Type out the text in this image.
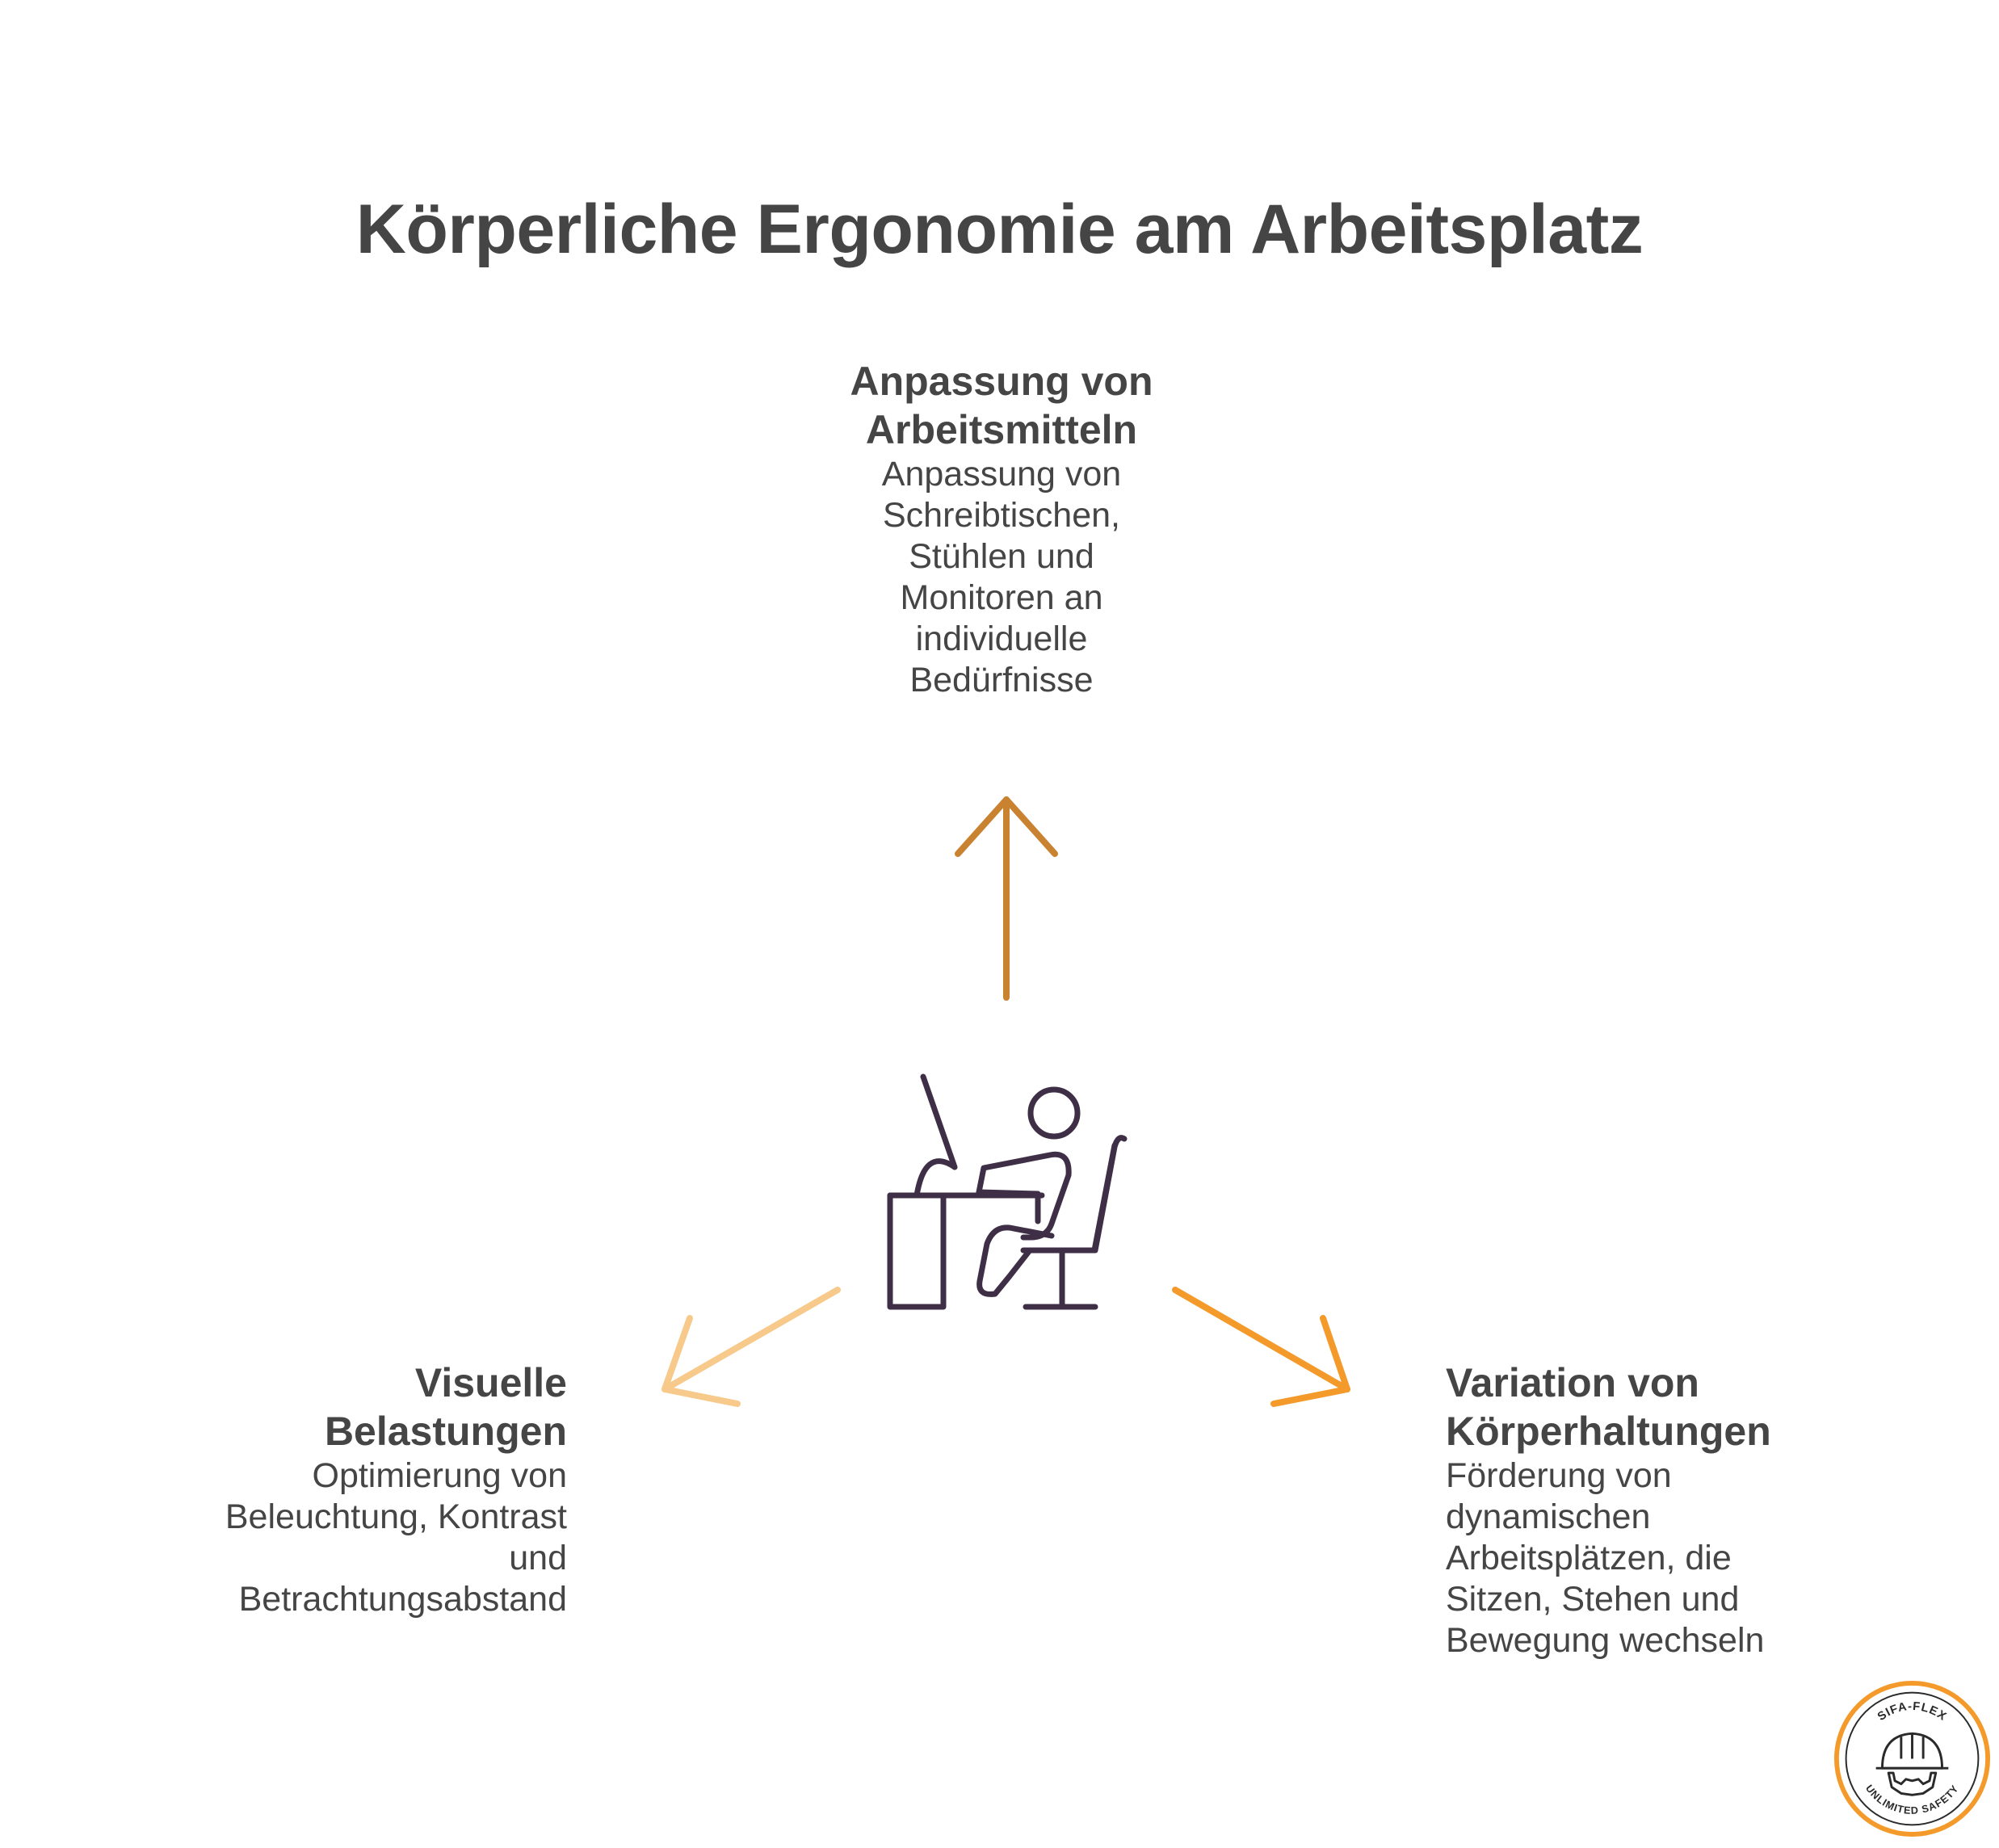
Körperliche Ergonomie am Arbeitsplatz
Anpassung von
Arbeitsmitteln
Anpassung von
Schreibtischen,
Stühlen und
Monitoren an
individuelle
Bedürfnisse
Visuelle
Belastungen
Optimierung von
Beleuchtung, Kontrast
und
Betrachtungsabstand
Variation von
Körperhaltungen
Förderung von
dynamischen
Arbeitsplätzen, die
Sitzen, Stehen und
Bewegung wechseln
SIFA-FLEX
UNLIMITED SAFETY
